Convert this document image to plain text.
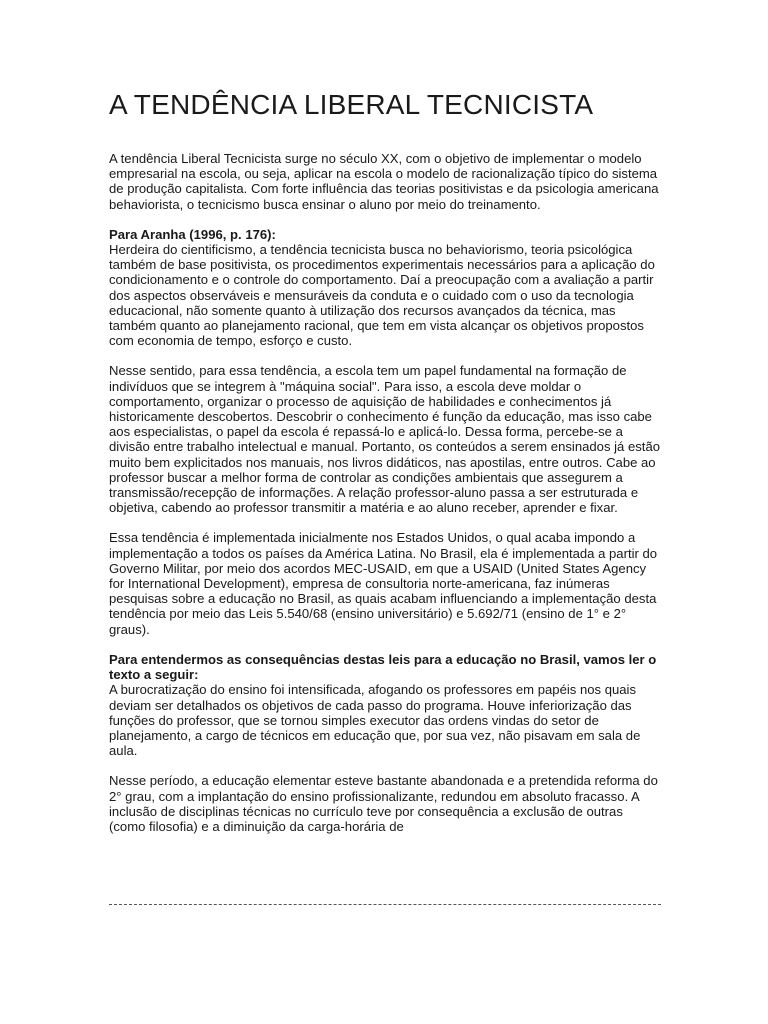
A TENDÊNCIA LIBERAL TECNICISTA

A tendência Liberal Tecnicista surge no século XX, com o objetivo de implementar o modelo empresarial na escola, ou seja, aplicar na escola o modelo de racionalização típico do sistema de produção capitalista. Com forte influência das teorias positivistas e da psicologia americana behaviorista, o tecnicismo busca ensinar o aluno por meio do treinamento.

Para Aranha (1996, p. 176):
Herdeira do cientificismo, a tendência tecnicista busca no behaviorismo, teoria psicológica também de base positivista, os procedimentos experimentais necessários para a aplicação do condicionamento e o controle do comportamento. Daí a preocupação com a avaliação a partir dos aspectos observáveis e mensuráveis da conduta e o cuidado com o uso da tecnologia educacional, não somente quanto à utilização dos recursos avançados da técnica, mas também quanto ao planejamento racional, que tem em vista alcançar os objetivos propostos com economia de tempo, esforço e custo.

Nesse sentido, para essa tendência, a escola tem um papel fundamental na formação de indivíduos que se integrem à "máquina social". Para isso, a escola deve moldar o comportamento, organizar o processo de aquisição de habilidades e conhecimentos já historicamente descobertos. Descobrir o conhecimento é função da educação, mas isso cabe aos especialistas, o papel da escola é repassá-lo e aplicá-lo. Dessa forma, percebe-se a divisão entre trabalho intelectual e manual. Portanto, os conteúdos a serem ensinados já estão muito bem explicitados nos manuais, nos livros didáticos, nas apostilas, entre outros. Cabe ao professor buscar a melhor forma de controlar as condições ambientais que assegurem a transmissão/recepção de informações. A relação professor-aluno passa a ser estruturada e objetiva, cabendo ao professor transmitir a matéria e ao aluno receber, aprender e fixar.

Essa tendência é implementada inicialmente nos Estados Unidos, o qual acaba impondo a implementação a todos os países da América Latina. No Brasil, ela é implementada a partir do Governo Militar, por meio dos acordos MEC-USAID, em que a USAID (United States Agency for International Development), empresa de consultoria norte-americana, faz inúmeras pesquisas sobre a educação no Brasil, as quais acabam influenciando a implementação desta tendência por meio das Leis 5.540/68 (ensino universitário) e 5.692/71 (ensino de 1° e 2° graus).

Para entendermos as consequências destas leis para a educação no Brasil, vamos ler o texto a seguir:
A burocratização do ensino foi intensificada, afogando os professores em papéis nos quais deviam ser detalhados os objetivos de cada passo do programa. Houve inferiorização das funções do professor, que se tornou simples executor das ordens vindas do setor de planejamento, a cargo de técnicos em educação que, por sua vez, não pisavam em sala de aula.

Nesse período, a educação elementar esteve bastante abandonada e a pretendida reforma do 2° grau, com a implantação do ensino profissionalizante, redundou em absoluto fracasso. A inclusão de disciplinas técnicas no currículo teve por consequência a exclusão de outras (como filosofia) e a diminuição da carga-horária de
